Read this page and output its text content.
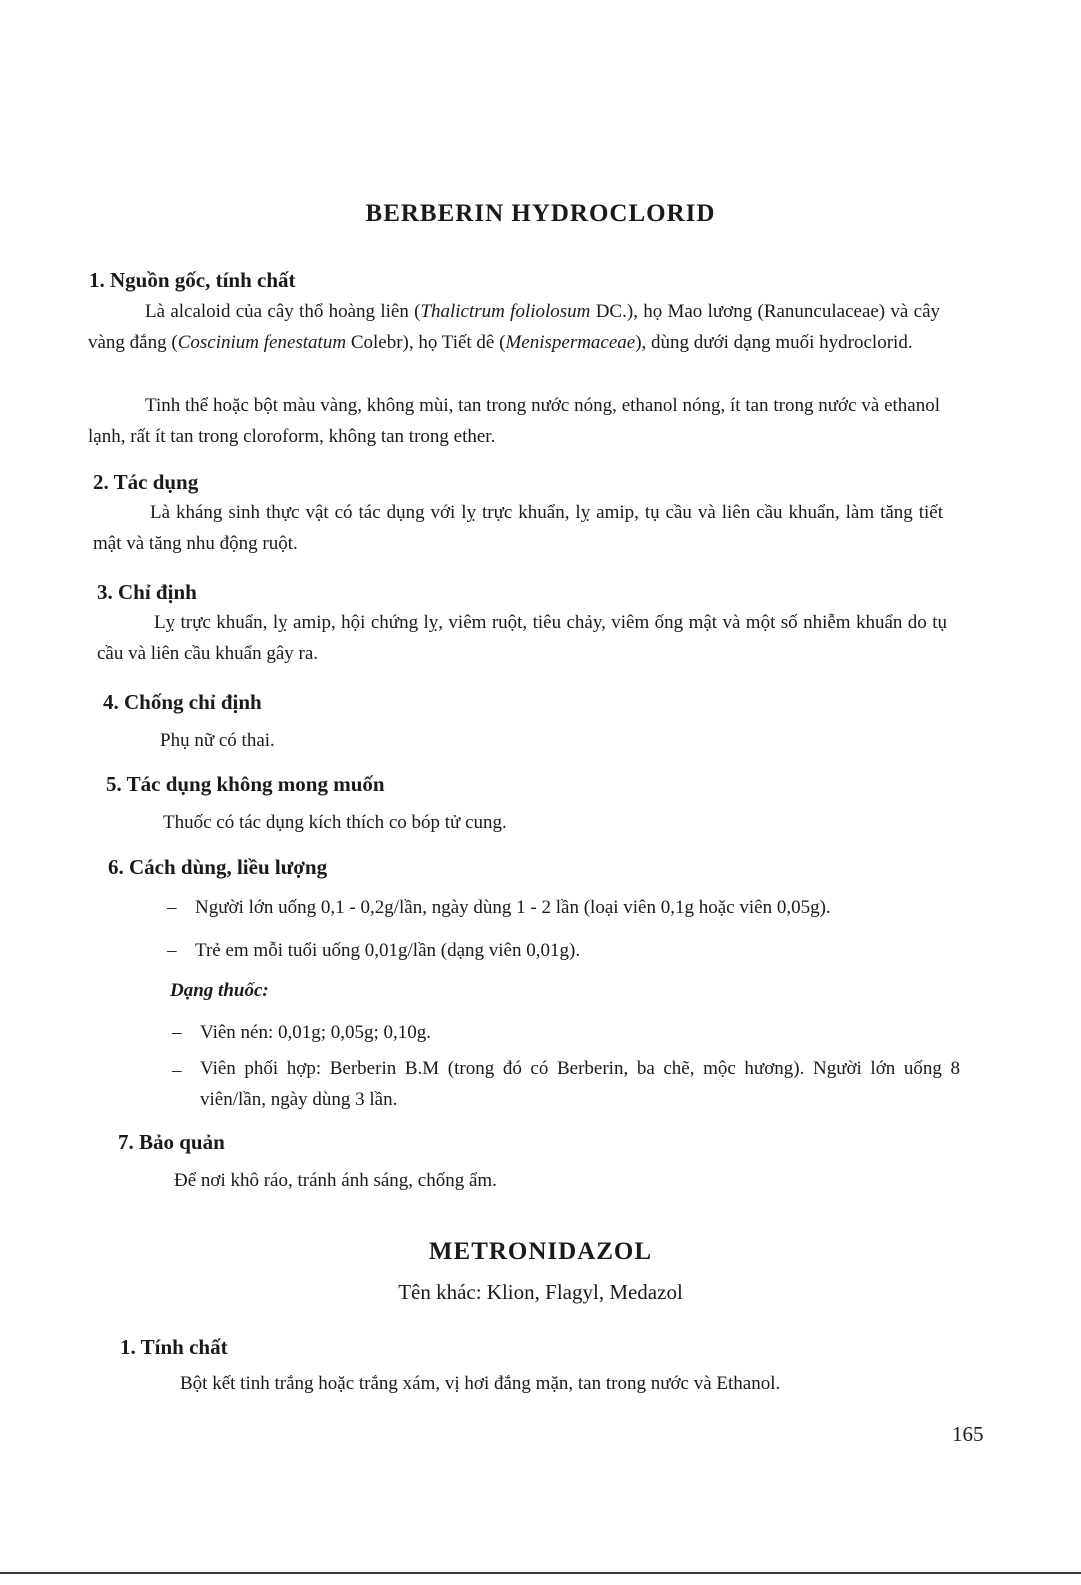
BERBERIN HYDROCLORID
1. Nguồn gốc, tính chất
Là alcaloid của cây thổ hoàng liên (Thalictrum foliolosum DC.), họ Mao lương (Ranunculaceae) và cây vàng đắng (Coscinium fenestatum Colebr), họ Tiết dê (Menispermaceae), dùng dưới dạng muối hydroclorid.
Tinh thể hoặc bột màu vàng, không mùi, tan trong nước nóng, ethanol nóng, ít tan trong nước và ethanol lạnh, rất ít tan trong cloroform, không tan trong ether.
2. Tác dụng
Là kháng sinh thực vật có tác dụng với lỵ trực khuẩn, lỵ amip, tụ cầu và liên cầu khuẩn, làm tăng tiết mật và tăng nhu động ruột.
3. Chỉ định
Lỵ trực khuẩn, lỵ amip, hội chứng lỵ, viêm ruột, tiêu chảy, viêm ống mật và một số nhiễm khuẩn do tụ cầu và liên cầu khuẩn gây ra.
4. Chống chỉ định
Phụ nữ có thai.
5. Tác dụng không mong muốn
Thuốc có tác dụng kích thích co bóp tử cung.
6. Cách dùng, liều lượng
– Người lớn uống 0,1 - 0,2g/lần, ngày dùng 1 - 2 lần (loại viên 0,1g hoặc viên 0,05g).
– Trẻ em mỗi tuổi uống 0,01g/lần (dạng viên 0,01g).
Dạng thuốc:
– Viên nén: 0,01g; 0,05g; 0,10g.
– Viên phối hợp: Berberin B.M (trong đó có Berberin, ba chẽ, mộc hương). Người lớn uống 8 viên/lần, ngày dùng 3 lần.
7. Bảo quản
Để nơi khô ráo, tránh ánh sáng, chống ẩm.
METRONIDAZOL
Tên khác: Klion, Flagyl, Medazol
1. Tính chất
Bột kết tinh trắng hoặc trắng xám, vị hơi đắng mặn, tan trong nước và Ethanol.
165
